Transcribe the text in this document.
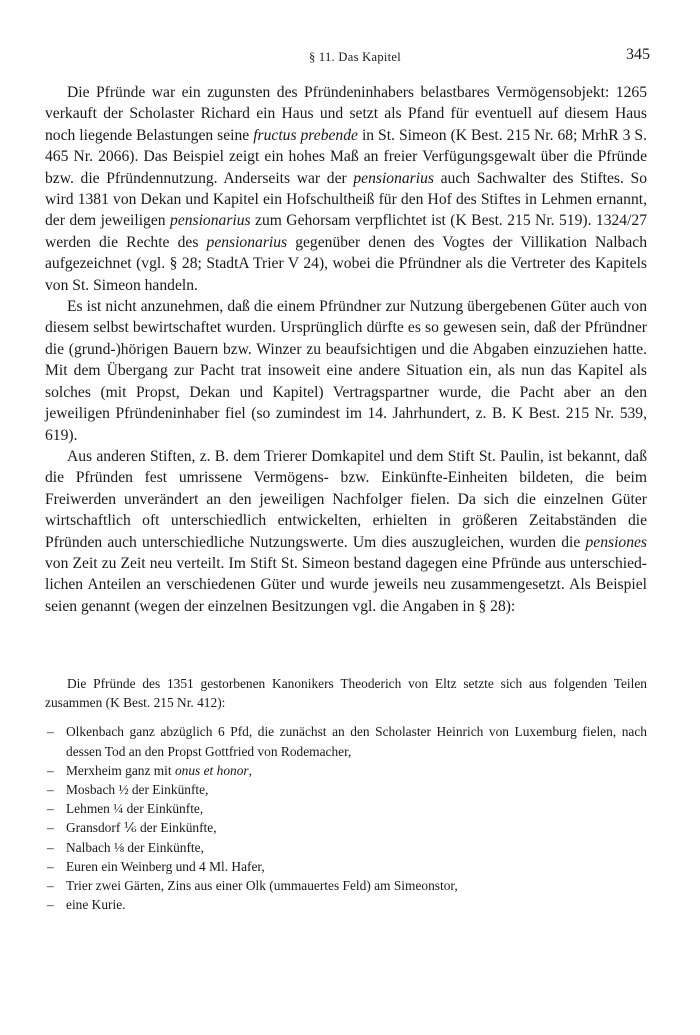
§ 11. Das Kapitel	345

Die Pfründe war ein zugunsten des Pfründeninhabers belastbares Vermögensobjekt: 1265 verkauft der Scholaster Richard ein Haus und setzt als Pfand für eventuell auf diesem Haus noch liegende Belastungen seine fructus prebende in St. Simeon (K Best. 215 Nr. 68; MrhR 3 S. 465 Nr. 2066). Das Beispiel zeigt ein hohes Maß an freier Verfügungsgewalt über die Pfründe bzw. die Pfründennutzung. Anderseits war der pensionarius auch Sachwalter des Stiftes. So wird 1381 von Dekan und Kapitel ein Hofschultheiß für den Hof des Stiftes in Lehmen ernannt, der dem jeweiligen pensionarius zum Gehorsam verpflichtet ist (K Best. 215 Nr. 519). 1324/27 werden die Rechte des pensionarius gegenüber denen des Vogtes der Villikation Nalbach aufgezeichnet (vgl. § 28; StadtA Trier V 24), wobei die Pfründner als die Vertreter des Kapitels von St. Simeon handeln.

Es ist nicht anzunehmen, daß die einem Pfründner zur Nutzung übergebenen Güter auch von diesem selbst bewirtschaftet wurden. Ursprünglich dürfte es so gewesen sein, daß der Pfründner die (grund-)hörigen Bauern bzw. Winzer zu beaufsichtigen und die Abgaben einzuziehen hatte. Mit dem Übergang zur Pacht trat insoweit eine andere Situation ein, als nun das Kapitel als solches (mit Propst, Dekan und Kapitel) Vertragspartner wurde, die Pacht aber an den jeweiligen Pfründeninhaber fiel (so zumindest im 14. Jahrhundert, z. B. K Best. 215 Nr. 539, 619).

Aus anderen Stiften, z. B. dem Trierer Domkapitel und dem Stift St. Paulin, ist bekannt, daß die Pfründen fest umrissene Vermögens- bzw. Einkünfte-Einheiten bildeten, die beim Freiwerden unverändert an den jeweiligen Nachfolger fielen. Da sich die einzelnen Güter wirtschaftlich oft unterschiedlich entwickelten, erhielten in größeren Zeitabständen die Pfründen auch unterschiedliche Nutzungswerte. Um dies auszugleichen, wurden die pensiones von Zeit zu Zeit neu verteilt. Im Stift St. Simeon bestand dagegen eine Pfründe aus unterschiedlichen Anteilen an verschiedenen Güter und wurde jeweils neu zusammengesetzt. Als Beispiel seien genannt (wegen der einzelnen Besitzungen vgl. die Angaben in § 28):

Die Pfründe des 1351 gestorbenen Kanonikers Theoderich von Eltz setzte sich aus folgenden Teilen zusammen (K Best. 215 Nr. 412):

– Olkenbach ganz abzüglich 6 Pfd, die zunächst an den Scholaster Heinrich von Luxemburg fielen, nach dessen Tod an den Propst Gottfried von Rodemacher,
– Merxheim ganz mit onus et honor,
– Mosbach ½ der Einkünfte,
– Lehmen ¼ der Einkünfte,
– Gransdorf ⅙ der Einkünfte,
– Nalbach ⅛ der Einkünfte,
– Euren ein Weinberg und 4 Ml. Hafer,
– Trier zwei Gärten, Zins aus einer Olk (ummauertes Feld) am Simeonstor,
– eine Kurie.
